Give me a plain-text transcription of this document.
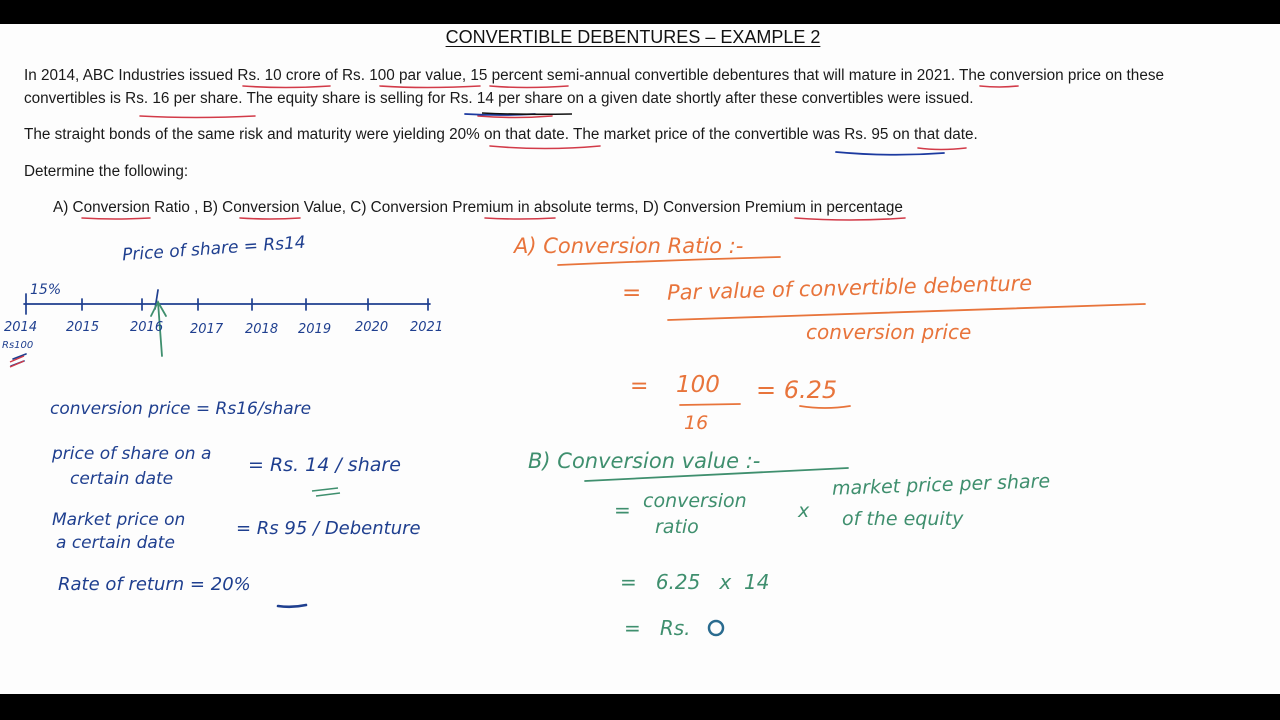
CONVERTIBLE DEBENTURES – EXAMPLE 2
In 2014, ABC Industries issued Rs. 10 crore of Rs. 100 par value, 15 percent semi-annual convertible debentures that will mature in 2021. The conversion price on these
convertibles is Rs. 16 per share. The equity share is selling for Rs. 14 per share on a given date shortly after these convertibles were issued.
The straight bonds of the same risk and maturity were yielding 20% on that date. The market price of the convertible was Rs. 95 on that date.
Determine the following:
A) Conversion Ratio , B) Conversion Value, C) Conversion Premium in absolute terms, D) Conversion Premium in percentage
Price of share = Rs14
15%
2014 2015 2016 2017 2018 2019 2020 2021
Rs100
conversion price = Rs16/share
price of share on a
certain date
= Rs. 14 / share
Market price on
a certain date
= Rs 95 / Debenture
Rate of return = 20%
A) Conversion Ratio :-
= Par value of convertible debenture
conversion price
= 100
16
= 6.25
B) Conversion value :-
= conversion
ratio
x
market price per share
of the equity
=   6.25   x  14
=   Rs.
